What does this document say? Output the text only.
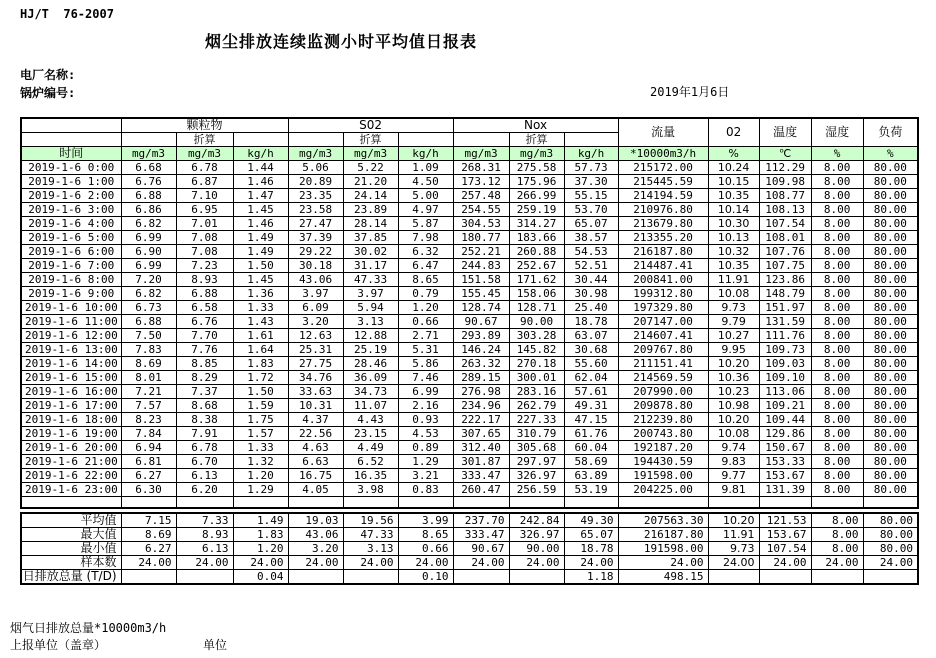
HJ/T  76-2007
烟尘排放连续监测小时平均值日报表
电厂名称:
锅炉编号:	2019年1月6日
	颗粒物			S02			Nox			流量	02	温度	湿度	负荷
		折算			折算			折算						
时间	mg/m3	mg/m3	kg/h	mg/m3	mg/m3	kg/h	mg/m3	mg/m3	kg/h	*10000m3/h	%	℃	%	%
2019-1-6 0:00	6.68	6.78	1.44	5.06	5.22	1.09	268.31	275.58	57.73	215172.00	10.24	112.29	8.00	80.00
2019-1-6 1:00	6.76	6.87	1.46	20.89	21.20	4.50	173.12	175.96	37.30	215445.59	10.15	109.98	8.00	80.00
2019-1-6 2:00	6.88	7.10	1.47	23.35	24.14	5.00	257.48	266.99	55.15	214194.59	10.35	108.77	8.00	80.00
2019-1-6 3:00	6.86	6.95	1.45	23.58	23.89	4.97	254.55	259.19	53.70	210976.80	10.14	108.13	8.00	80.00
2019-1-6 4:00	6.82	7.01	1.46	27.47	28.14	5.87	304.53	314.27	65.07	213679.80	10.30	107.54	8.00	80.00
2019-1-6 5:00	6.99	7.08	1.49	37.39	37.85	7.98	180.77	183.66	38.57	213355.20	10.13	108.01	8.00	80.00
2019-1-6 6:00	6.90	7.08	1.49	29.22	30.02	6.32	252.21	260.88	54.53	216187.80	10.32	107.76	8.00	80.00
2019-1-6 7:00	6.99	7.23	1.50	30.18	31.17	6.47	244.83	252.67	52.51	214487.41	10.35	107.75	8.00	80.00
2019-1-6 8:00	7.20	8.93	1.45	43.06	47.33	8.65	151.58	171.62	30.44	200841.00	11.91	123.86	8.00	80.00
2019-1-6 9:00	6.82	6.88	1.36	3.97	3.97	0.79	155.45	158.06	30.98	199312.80	10.08	148.79	8.00	80.00
2019-1-6 10:00	6.73	6.58	1.33	6.09	5.94	1.20	128.74	128.71	25.40	197329.80	9.73	151.97	8.00	80.00
2019-1-6 11:00	6.88	6.76	1.43	3.20	3.13	0.66	90.67	90.00	18.78	207147.00	9.79	131.59	8.00	80.00
2019-1-6 12:00	7.50	7.70	1.61	12.63	12.88	2.71	293.89	303.28	63.07	214607.41	10.27	111.76	8.00	80.00
2019-1-6 13:00	7.83	7.76	1.64	25.31	25.19	5.31	146.24	145.82	30.68	209767.80	9.95	109.73	8.00	80.00
2019-1-6 14:00	8.69	8.85	1.83	27.75	28.46	5.86	263.32	270.18	55.60	211151.41	10.20	109.03	8.00	80.00
2019-1-6 15:00	8.01	8.29	1.72	34.76	36.09	7.46	289.15	300.01	62.04	214569.59	10.36	109.10	8.00	80.00
2019-1-6 16:00	7.21	7.37	1.50	33.63	34.73	6.99	276.98	283.16	57.61	207990.00	10.23	113.06	8.00	80.00
2019-1-6 17:00	7.57	8.68	1.59	10.31	11.07	2.16	234.96	262.79	49.31	209878.80	10.98	109.21	8.00	80.00
2019-1-6 18:00	8.23	8.38	1.75	4.37	4.43	0.93	222.17	227.33	47.15	212239.80	10.20	109.44	8.00	80.00
2019-1-6 19:00	7.84	7.91	1.57	22.56	23.15	4.53	307.65	310.79	61.76	200743.80	10.08	129.86	8.00	80.00
2019-1-6 20:00	6.94	6.78	1.33	4.63	4.49	0.89	312.40	305.68	60.04	192187.20	9.74	150.67	8.00	80.00
2019-1-6 21:00	6.81	6.70	1.32	6.63	6.52	1.29	301.87	297.97	58.69	194430.59	9.83	153.33	8.00	80.00
2019-1-6 22:00	6.27	6.13	1.20	16.75	16.35	3.21	333.47	326.97	63.89	191598.00	9.77	153.67	8.00	80.00
2019-1-6 23:00	6.30	6.20	1.29	4.05	3.98	0.83	260.47	256.59	53.19	204225.00	9.81	131.39	8.00	80.00

平均值	7.15	7.33	1.49	19.03	19.56	3.99	237.70	242.84	49.30	207563.30	10.20	121.53	8.00	80.00
最大值	8.69	8.93	1.83	43.06	47.33	8.65	333.47	326.97	65.07	216187.80	11.91	153.67	8.00	80.00
最小值	6.27	6.13	1.20	3.20	3.13	0.66	90.67	90.00	18.78	191598.00	9.73	107.54	8.00	80.00
样本数	24.00	24.00	24.00	24.00	24.00	24.00	24.00	24.00	24.00	24.00	24.00	24.00	24.00	24.00
日排放总量 (T/D)			0.04			0.10			1.18	498.15				
烟气日排放总量*10000m3/h
上报单位（盖章）	单位
